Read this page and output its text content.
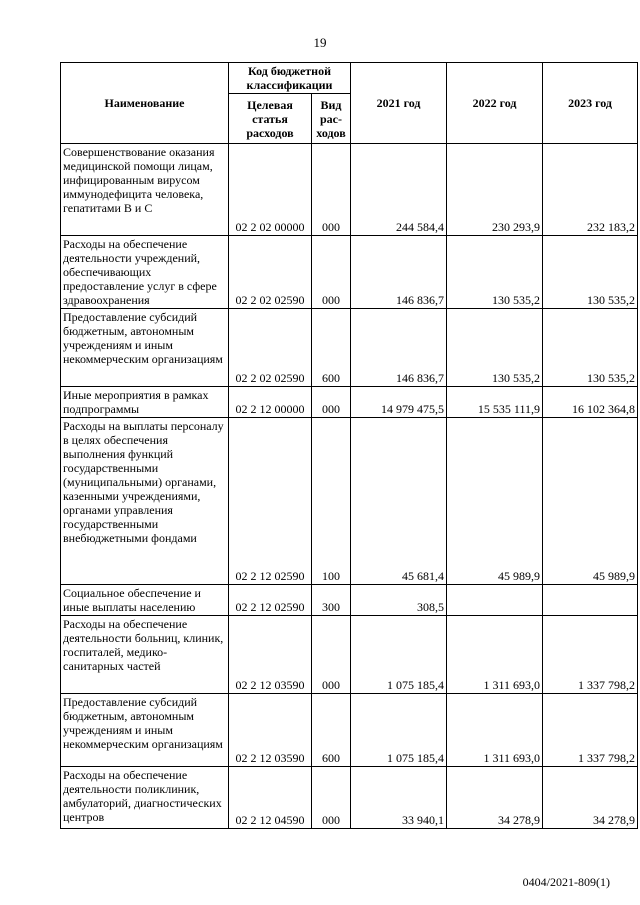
19
Наименование	Код бюджетной классификации		2021 год	2022 год	2023 год
	Целевая статья расходов	Вид рас-ходов			
Совершенствование оказания медицинской помощи лицам, инфицированным вирусом иммунодефицита человека, гепатитами В и С	02 2 02 00000	000	244 584,4	230 293,9	232 183,2
Расходы на обеспечение деятельности учреждений, обеспечивающих предоставление услуг в сфере здравоохранения	02 2 02 02590	000	146 836,7	130 535,2	130 535,2
Предоставление субсидий бюджетным, автономным учреждениям и иным некоммерческим организациям	02 2 02 02590	600	146 836,7	130 535,2	130 535,2
Иные мероприятия в рамках подпрограммы	02 2 12 00000	000	14 979 475,5	15 535 111,9	16 102 364,8
Расходы на выплаты персоналу в целях обеспечения выполнения функций государственными (муниципальными) органами, казенными учреждениями, органами управления государственными внебюджетными фондами	02 2 12 02590	100	45 681,4	45 989,9	45 989,9
Социальное обеспечение и иные выплаты населению	02 2 12 02590	300	308,5		
Расходы на обеспечение деятельности больниц, клиник, госпиталей, медико-санитарных частей	02 2 12 03590	000	1 075 185,4	1 311 693,0	1 337 798,2
Предоставление субсидий бюджетным, автономным учреждениям и иным некоммерческим организациям	02 2 12 03590	600	1 075 185,4	1 311 693,0	1 337 798,2
Расходы на обеспечение деятельности поликлиник, амбулаторий, диагностических центров	02 2 12 04590	000	33 940,1	34 278,9	34 278,9
0404/2021-809(1)
